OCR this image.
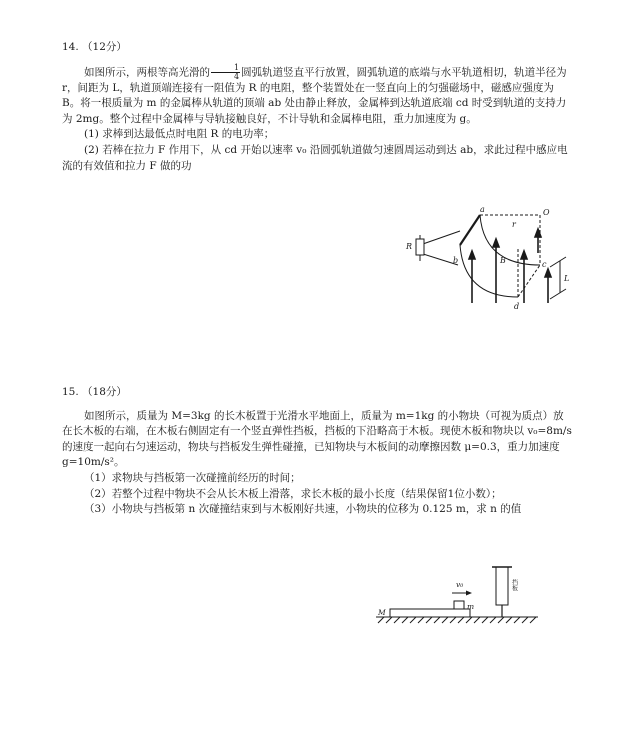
14. （12分）

如图所示，两根等高光滑的 $\frac{1}{4}$ 圆弧轨道竖直平行放置，圆弧轨道的底端与水平轨道相切，轨道半径为 r，间距为 L，轨道顶端连接有一阻值为 R 的电阻，整个装置处在一竖直向上的匀强磁场中，磁感应强度为 B。将一根质量为 m 的金属棒从轨道的顶端 ab 处由静止释放，金属棒到达轨道底端 cd 时受到轨道的支持力为 2mg。整个过程中金属棒与导轨接触良好，不计导轨和金属棒电阻，重力加速度为 g。

(1) 求棒到达最低点时电阻 R 的电功率；

(2) 若棒在拉力 F 作用下，从 cd 开始以速率 v₀ 沿圆弧轨道做匀速圆周运动到达 ab，求此过程中感应电流的有效值和拉力 F 做的功

a	O
R
r
b	B	c
L
d

15. （18分）

如图所示，质量为 M=3kg 的长木板置于光滑水平地面上，质量为 m=1kg 的小物块（可视为质点）放在长木板的右端，在木板右侧固定有一个竖直弹性挡板，挡板的下沿略高于木板。现使木板和物块以 v₀=8m/s 的速度一起向右匀速运动，物块与挡板发生弹性碰撞，已知物块与木板间的动摩擦因数 μ=0.3，重力加速度 g=10m/s²。

（1）求物块与挡板第一次碰撞前经历的时间；

（2）若整个过程中物块不会从长木板上滑落，求长木板的最小长度（结果保留1位小数）；

（3）小物块与挡板第 n 次碰撞结束到与木板刚好共速，小物块的位移为 0.125 m，求 n 的值

v₀
m
M
挡板
